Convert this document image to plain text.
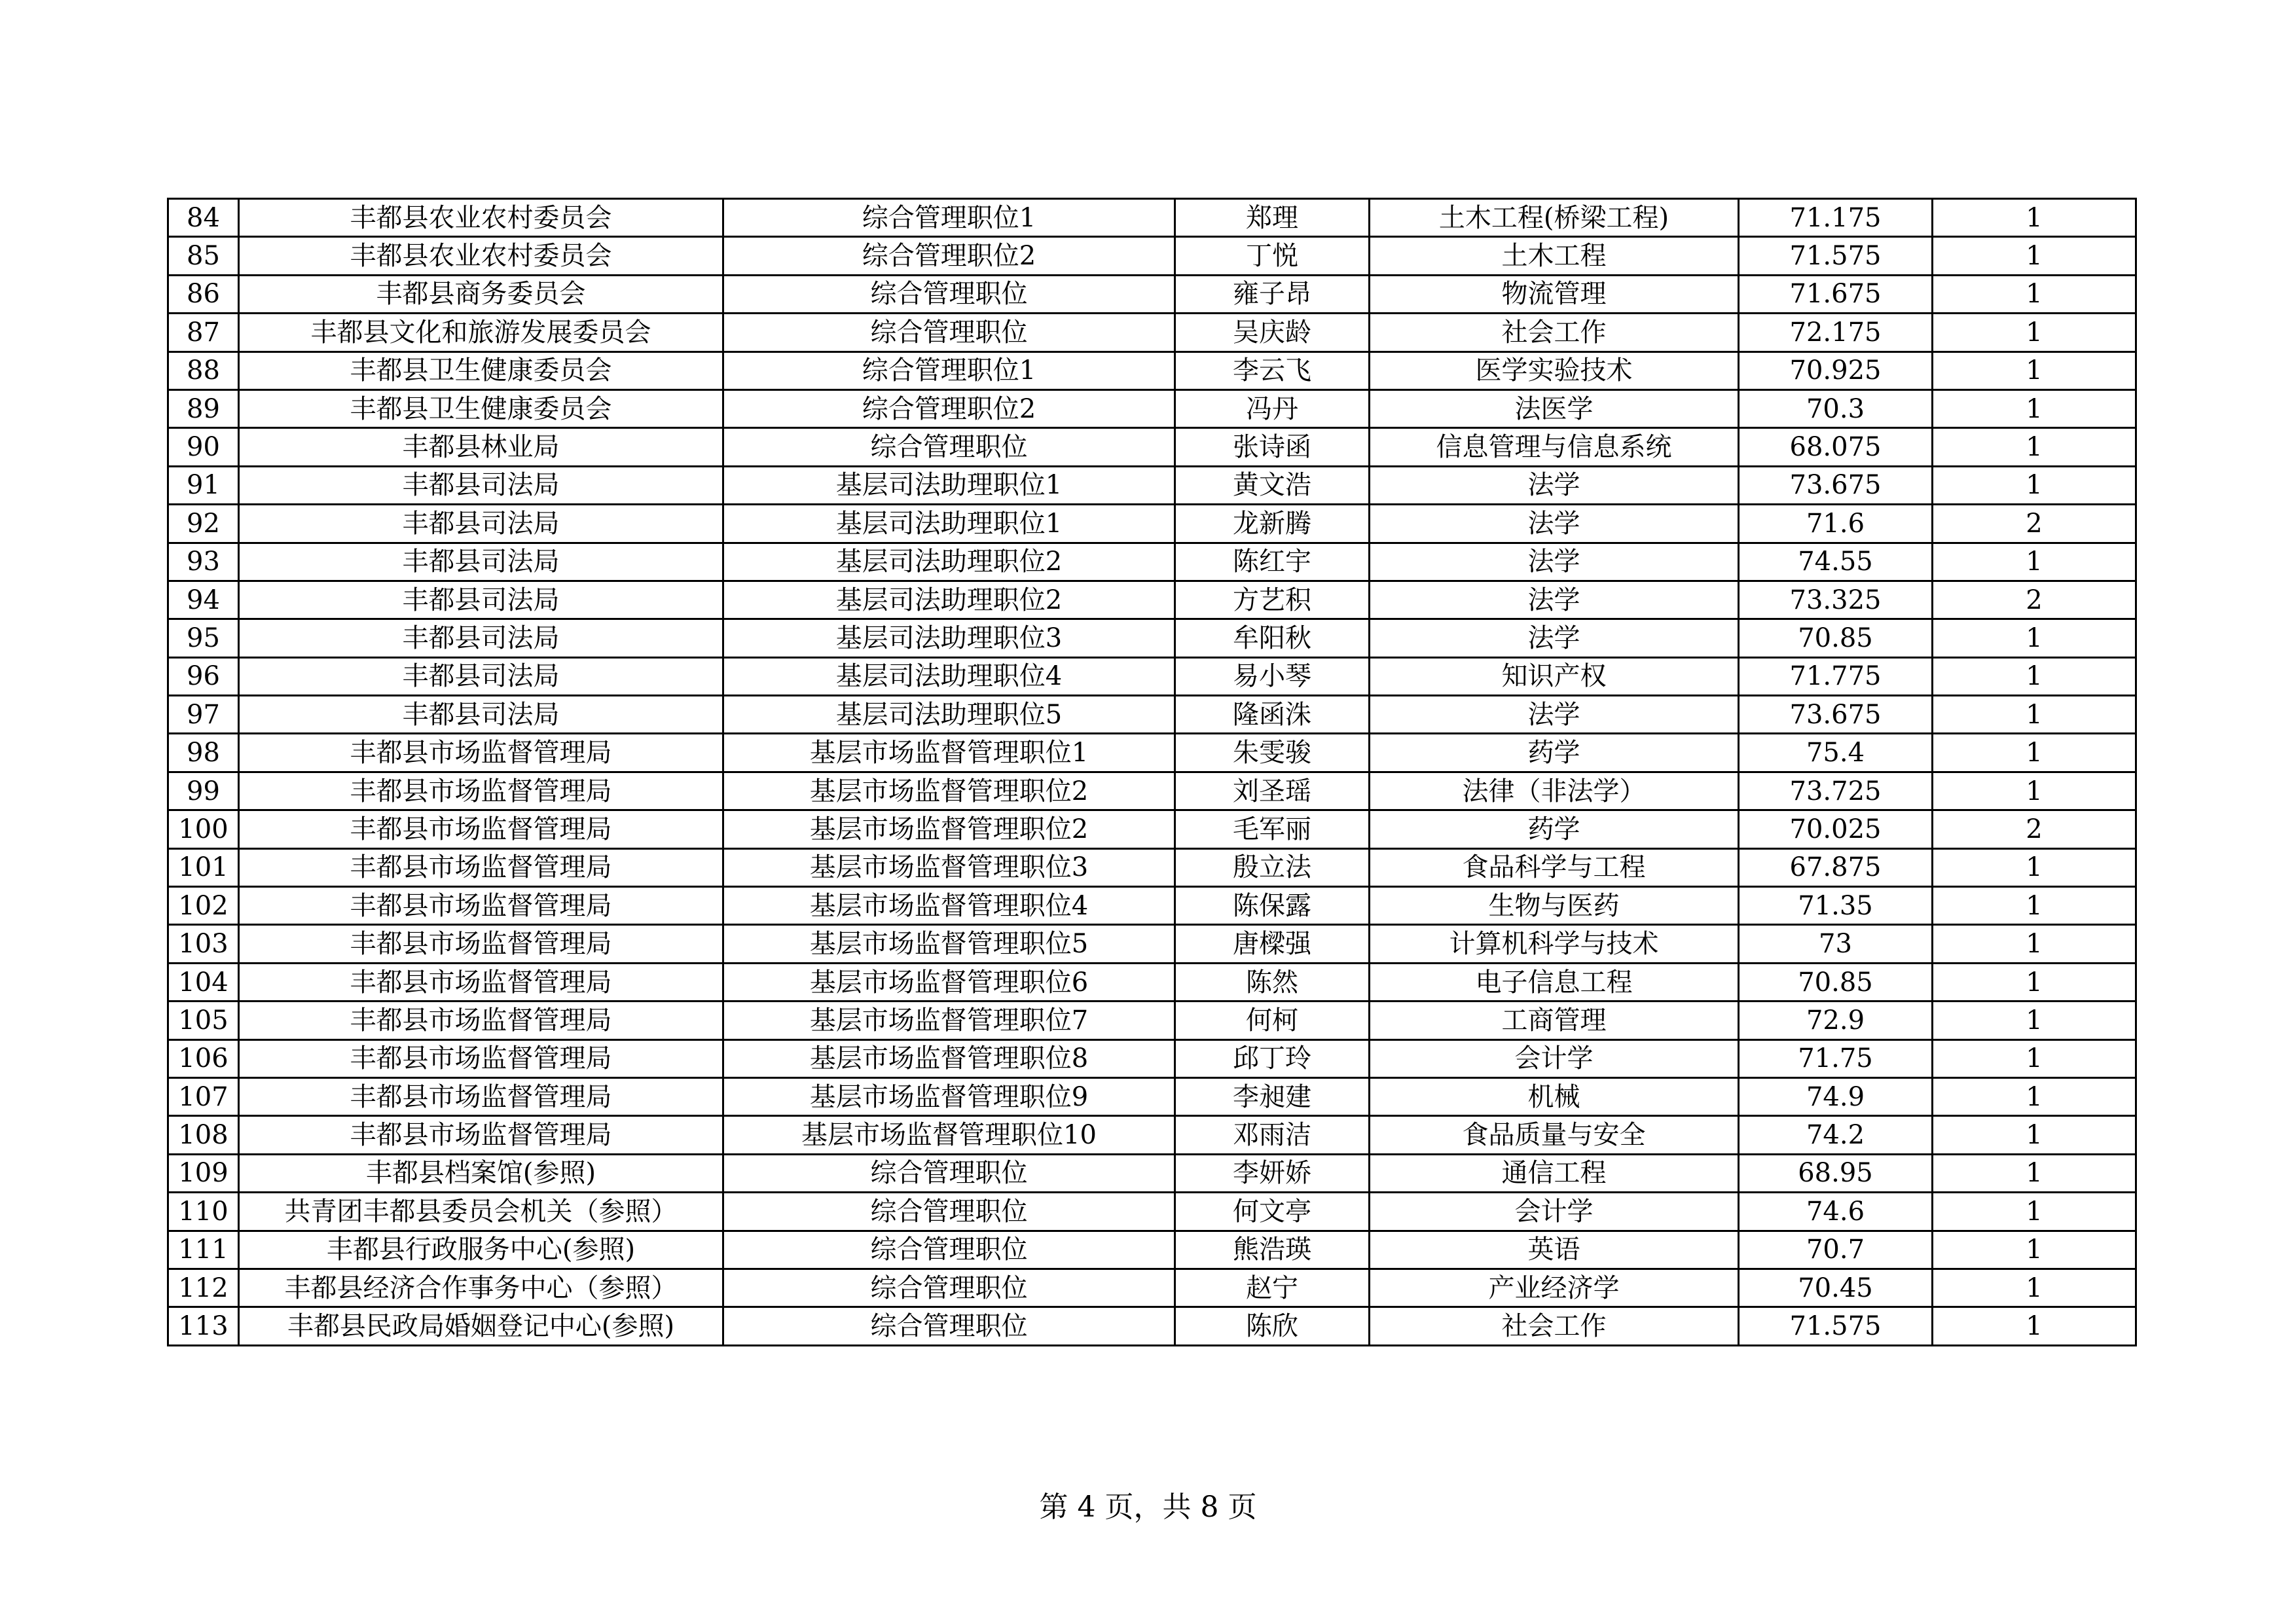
84	丰都县农业农村委员会	综合管理职位1	郑理	土木工程(桥梁工程)	71.175	1
85	丰都县农业农村委员会	综合管理职位2	丁悦	土木工程	71.575	1
86	丰都县商务委员会	综合管理职位	雍子昂	物流管理	71.675	1
87	丰都县文化和旅游发展委员会	综合管理职位	吴庆龄	社会工作	72.175	1
88	丰都县卫生健康委员会	综合管理职位1	李云飞	医学实验技术	70.925	1
89	丰都县卫生健康委员会	综合管理职位2	冯丹	法医学	70.3	1
90	丰都县林业局	综合管理职位	张诗函	信息管理与信息系统	68.075	1
91	丰都县司法局	基层司法助理职位1	黄文浩	法学	73.675	1
92	丰都县司法局	基层司法助理职位1	龙新腾	法学	71.6	2
93	丰都县司法局	基层司法助理职位2	陈红宇	法学	74.55	1
94	丰都县司法局	基层司法助理职位2	方艺积	法学	73.325	2
95	丰都县司法局	基层司法助理职位3	牟阳秋	法学	70.85	1
96	丰都县司法局	基层司法助理职位4	易小琴	知识产权	71.775	1
97	丰都县司法局	基层司法助理职位5	隆函洙	法学	73.675	1
98	丰都县市场监督管理局	基层市场监督管理职位1	朱雯骏	药学	75.4	1
99	丰都县市场监督管理局	基层市场监督管理职位2	刘圣瑶	法律（非法学）	73.725	1
100	丰都县市场监督管理局	基层市场监督管理职位2	毛军丽	药学	70.025	2
101	丰都县市场监督管理局	基层市场监督管理职位3	殷立法	食品科学与工程	67.875	1
102	丰都县市场监督管理局	基层市场监督管理职位4	陈保露	生物与医药	71.35	1
103	丰都县市场监督管理局	基层市场监督管理职位5	唐樑强	计算机科学与技术	73	1
104	丰都县市场监督管理局	基层市场监督管理职位6	陈然	电子信息工程	70.85	1
105	丰都县市场监督管理局	基层市场监督管理职位7	何柯	工商管理	72.9	1
106	丰都县市场监督管理局	基层市场监督管理职位8	邱丁玲	会计学	71.75	1
107	丰都县市场监督管理局	基层市场监督管理职位9	李昶建	机械	74.9	1
108	丰都县市场监督管理局	基层市场监督管理职位10	邓雨洁	食品质量与安全	74.2	1
109	丰都县档案馆(参照)	综合管理职位	李妍娇	通信工程	68.95	1
110	共青团丰都县委员会机关（参照）	综合管理职位	何文亭	会计学	74.6	1
111	丰都县行政服务中心(参照)	综合管理职位	熊浩瑛	英语	70.7	1
112	丰都县经济合作事务中心（参照）	综合管理职位	赵宁	产业经济学	70.45	1
113	丰都县民政局婚姻登记中心(参照)	综合管理职位	陈欣	社会工作	71.575	1
第 4 页，共 8 页
